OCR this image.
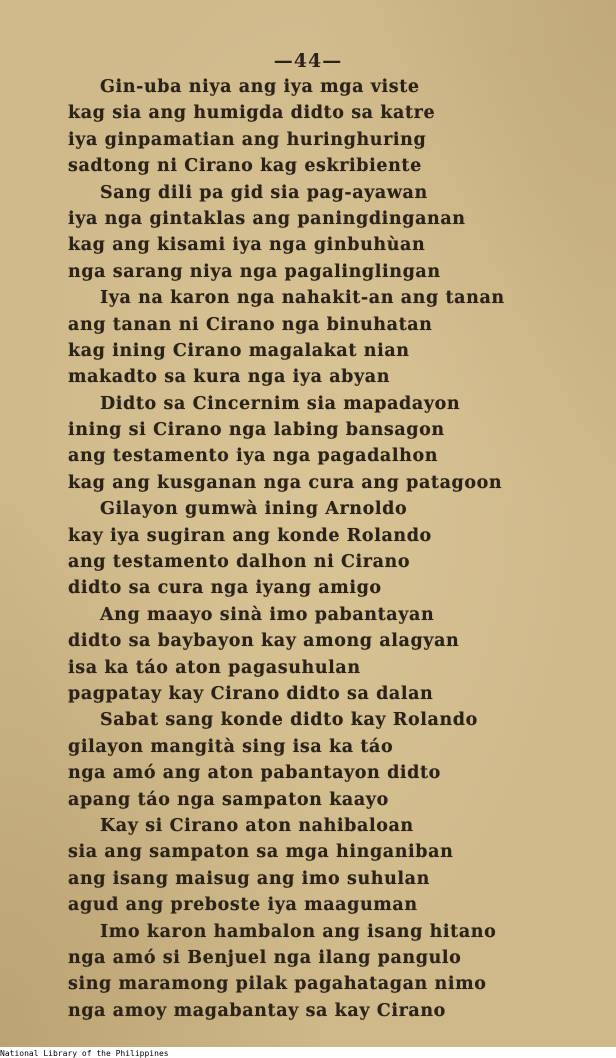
—44—
Gin-uba niya ang iya mga viste
kag sia ang humigda didto sa katre
iya ginpamatian ang huringhuring
sadtong ni Cirano kag eskribiente
Sang dili pa gid sia pag-ayawan
iya nga gintaklas ang paningdinganan
kag ang kisami iya nga ginbuhùan
nga sarang niya nga pagalinglingan
Iya na karon nga nahakit-an ang tanan
ang tanan ni Cirano nga binuhatan
kag ining Cirano magalakat nian
makadto sa kura nga iya abyan
Didto sa Cincernim sia mapadayon
ining si Cirano nga labing bansagon
ang testamento iya nga pagadalhon
kag ang kusganan nga cura ang patagoon
Gilayon gumwà ining Arnoldo
kay iya sugiran ang konde Rolando
ang testamento dalhon ni Cirano
didto sa cura nga iyang amigo
Ang maayo sinà imo pabantayan
didto sa baybayon kay among alagyan
isa ka táo aton pagasuhulan
pagpatay kay Cirano didto sa dalan
Sabat sang konde didto kay Rolando
gilayon mangità sing isa ka táo
nga amó ang aton pabantayon didto
apang táo nga sampaton kaayo
Kay si Cirano aton nahibaloan
sia ang sampaton sa mga hinganiban
ang isang maisug ang imo suhulan
agud ang preboste iya maaguman
Imo karon hambalon ang isang hitano
nga amó si Benjuel nga ilang pangulo
sing maramong pilak pagahatagan nimo
nga amoy magabantay sa kay Cirano
National Library of the Philippines
